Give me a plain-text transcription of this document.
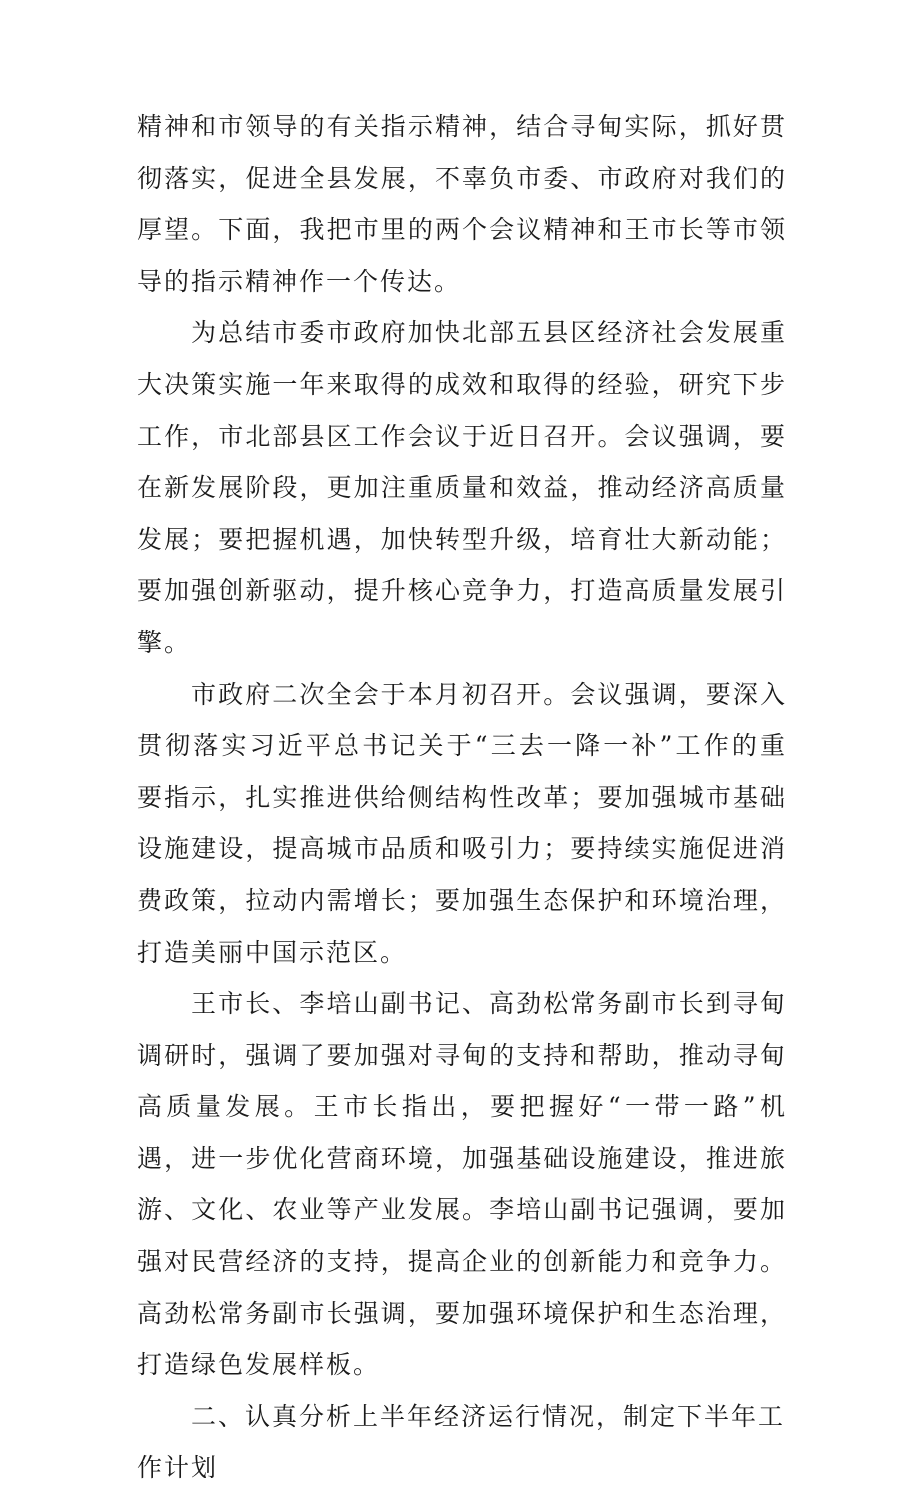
精神和市领导的有关指示精神，结合寻甸实际，抓好贯彻落实，促进全县发展，不辜负市委、市政府对我们的厚望。下面，我把市里的两个会议精神和王市长等市领导的指示精神作一个传达。

为总结市委市政府加快北部五县区经济社会发展重大决策实施一年来取得的成效和取得的经验，研究下步工作，市北部县区工作会议于近日召开。会议强调，要在新发展阶段，更加注重质量和效益，推动经济高质量发展；要把握机遇，加快转型升级，培育壮大新动能；要加强创新驱动，提升核心竞争力，打造高质量发展引擎。

市政府二次全会于本月初召开。会议强调，要深入贯彻落实习近平总书记关于“三去一降一补”工作的重要指示，扎实推进供给侧结构性改革；要加强城市基础设施建设，提高城市品质和吸引力；要持续实施促进消费政策，拉动内需增长；要加强生态保护和环境治理，打造美丽中国示范区。

王市长、李培山副书记、高劲松常务副市长到寻甸调研时，强调了要加强对寻甸的支持和帮助，推动寻甸高质量发展。王市长指出，要把握好“一带一路”机遇，进一步优化营商环境，加强基础设施建设，推进旅游、文化、农业等产业发展。李培山副书记强调，要加强对民营经济的支持，提高企业的创新能力和竞争力。高劲松常务副市长强调，要加强环境保护和生态治理，打造绿色发展样板。

二、认真分析上半年经济运行情况，制定下半年工作计划
